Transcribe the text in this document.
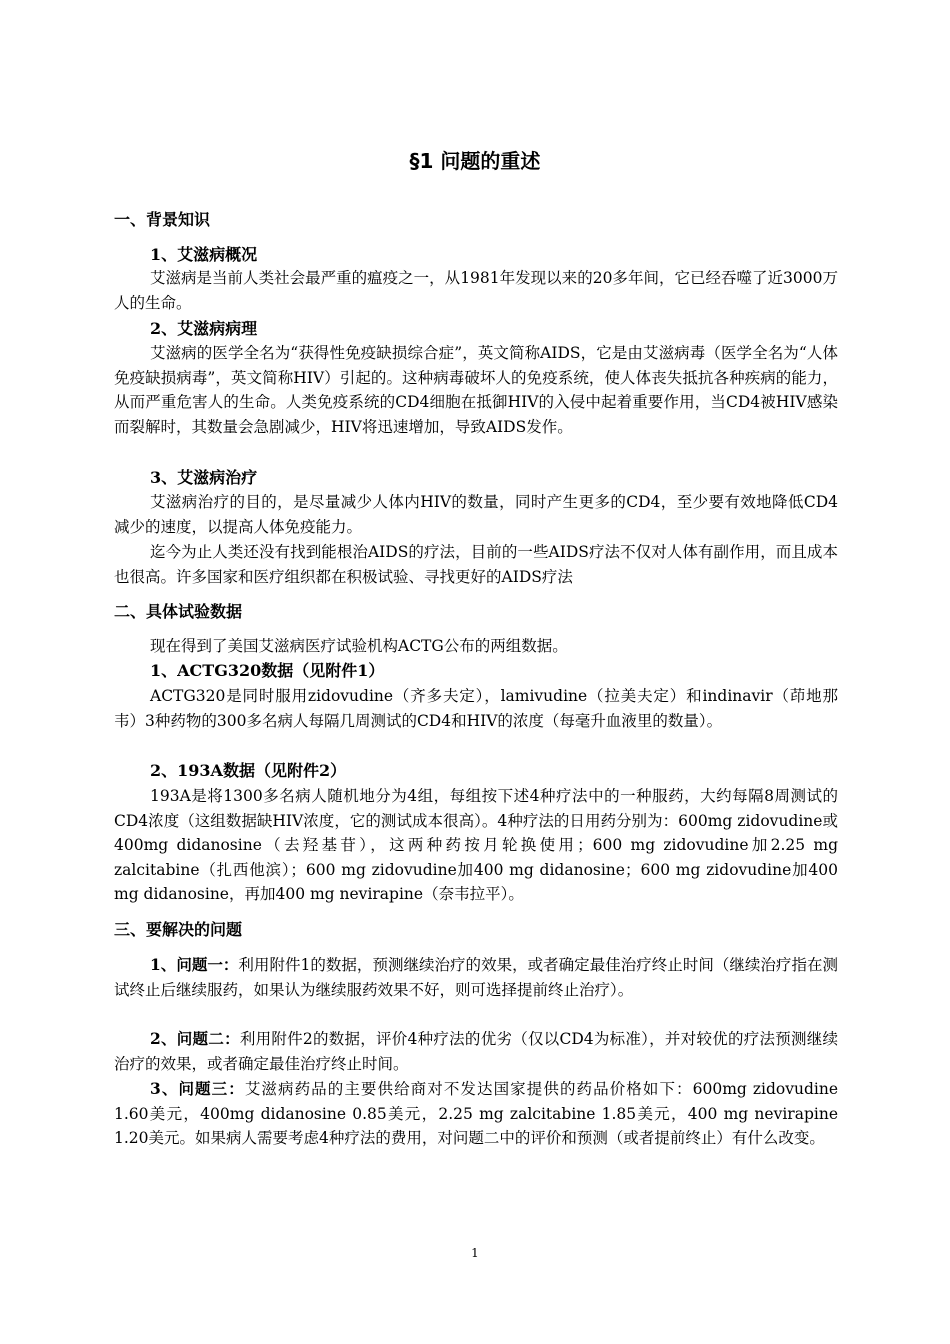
§1 问题的重述
一、背景知识
1、艾滋病概况
艾滋病是当前人类社会最严重的瘟疫之一，从1981年发现以来的20多年间，它已经吞噬了近3000万人的生命。
2、艾滋病病理
艾滋病的医学全名为“获得性免疫缺损综合症”，英文简称AIDS，它是由艾滋病毒（医学全名为“人体免疫缺损病毒”，英文简称HIV）引起的。这种病毒破坏人的免疫系统，使人体丧失抵抗各种疾病的能力，从而严重危害人的生命。人类免疫系统的CD4细胞在抵御HIV的入侵中起着重要作用，当CD4被HIV感染而裂解时，其数量会急剧减少，HIV将迅速增加，导致AIDS发作。
3、艾滋病治疗
艾滋病治疗的目的，是尽量减少人体内HIV的数量，同时产生更多的CD4，至少要有效地降低CD4减少的速度，以提高人体免疫能力。
迄今为止人类还没有找到能根治AIDS的疗法，目前的一些AIDS疗法不仅对人体有副作用，而且成本也很高。许多国家和医疗组织都在积极试验、寻找更好的AIDS疗法
二、具体试验数据
现在得到了美国艾滋病医疗试验机构ACTG公布的两组数据。
1、ACTG320数据（见附件1）
ACTG320是同时服用zidovudine（齐多夫定），lamivudine（拉美夫定）和indinavir（茚地那韦）3种药物的300多名病人每隔几周测试的CD4和HIV的浓度（每毫升血液里的数量）。
2、193A数据（见附件2）
193A是将1300多名病人随机地分为4组，每组按下述4种疗法中的一种服药，大约每隔8周测试的CD4浓度（这组数据缺HIV浓度，它的测试成本很高）。4种疗法的日用药分别为：600mg zidovudine或400mg didanosine（去羟基苷），这两种药按月轮换使用；600 mg zidovudine加2.25 mg zalcitabine（扎西他滨）；600 mg zidovudine加400 mg didanosine；600 mg zidovudine加400 mg didanosine，再加400 mg nevirapine（奈韦拉平）。
三、要解决的问题
1、问题一：利用附件1的数据，预测继续治疗的效果，或者确定最佳治疗终止时间（继续治疗指在测试终止后继续服药，如果认为继续服药效果不好，则可选择提前终止治疗）。
2、问题二：利用附件2的数据，评价4种疗法的优劣（仅以CD4为标准），并对较优的疗法预测继续治疗的效果，或者确定最佳治疗终止时间。
3、问题三：艾滋病药品的主要供给商对不发达国家提供的药品价格如下：600mg zidovudine 1.60美元，400mg didanosine 0.85美元，2.25 mg zalcitabine 1.85美元，400 mg nevirapine 1.20美元。如果病人需要考虑4种疗法的费用，对问题二中的评价和预测（或者提前终止）有什么改变。
1
